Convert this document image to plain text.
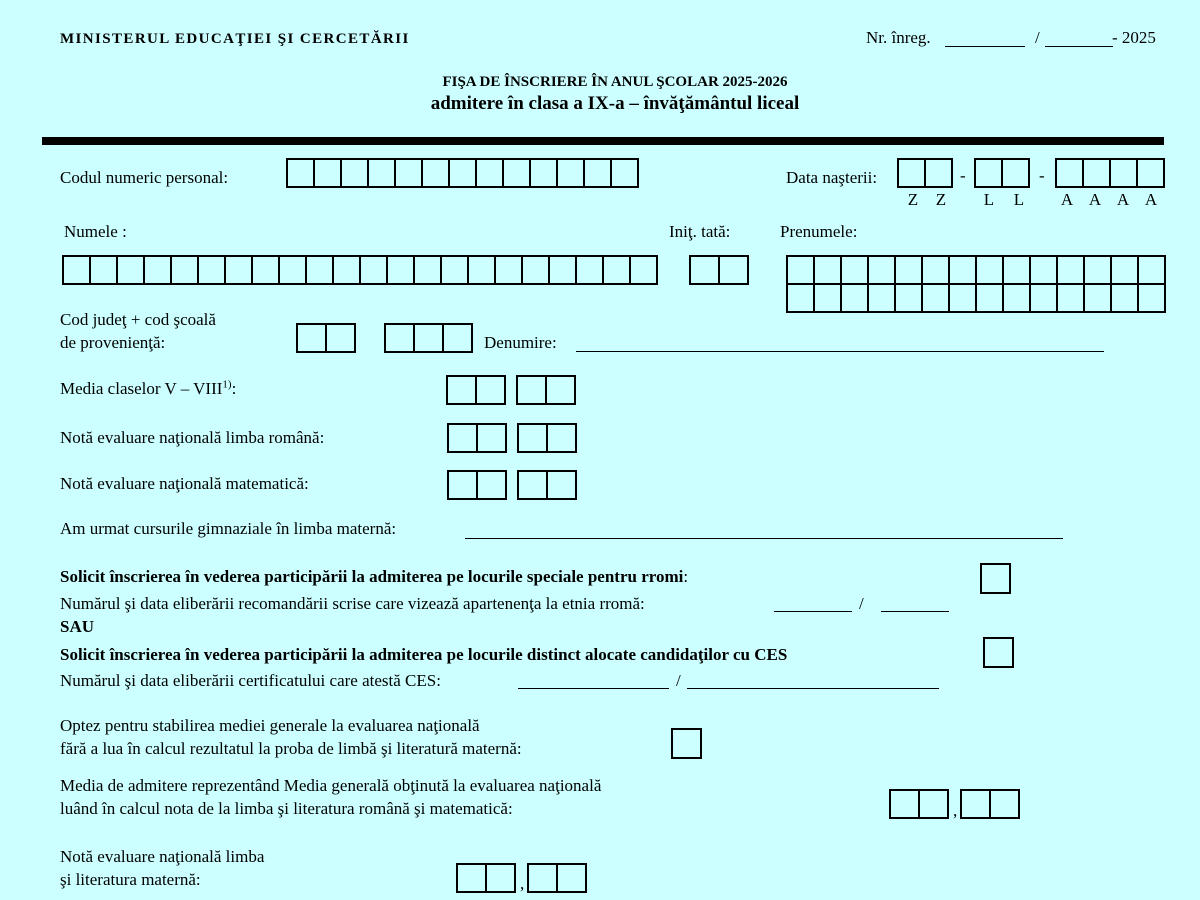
MINISTERUL EDUCAŢIEI ŞI CERCETĂRII	Nr. înreg.	/	- 2025
FIŞA DE ÎNSCRIERE ÎN ANUL ŞCOLAR 2025-2026
admitere în clasa a IX-a – învăţământul liceal
Codul numeric personal:	Data naşterii:	-	-
Z Z L L A A A A
Numele :	Iniţ. tată:	Prenumele:
Cod judeţ + cod şcoală
de provenienţă:	Denumire:
Media claselor V – VIII$^{1)}$:
Notă evaluare naţională limba română:
Notă evaluare naţională matematică:
Am urmat cursurile gimnaziale în limba maternă:
Solicit înscrierea în vederea participării la admiterea pe locurile speciale pentru rromi:
Numărul şi data eliberării recomandării scrise care vizează apartenenţa la etnia rromă:	/
SAU
Solicit înscrierea în vederea participării la admiterea pe locurile distinct alocate candidaţilor cu CES
Numărul şi data eliberării certificatului care atestă CES:	/
Optez pentru stabilirea mediei generale la evaluarea naţională
fără a lua în calcul rezultatul la proba de limbă şi literatură maternă:
Media de admitere reprezentând Media generală obţinută la evaluarea naţională
luând în calcul nota de la limba şi literatura română şi matematică:	,
Notă evaluare naţională limba
şi literatura maternă:	,
